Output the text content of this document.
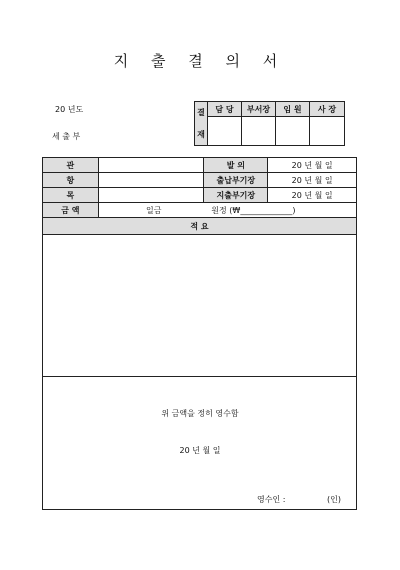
지 출 결 의 서
20 년도
세 출 부
결
재	담 당	부서장	임 원	사 장

관		발 의	20 년 월 일
항		출납부기장	20 년 월 일
목		지출부기장	20 년 월 일
금 액	일금 원정 (₩_____________)		
적 요			

위 금액을 정히 영수함
20 년 월 일
영수인 :	(인)
